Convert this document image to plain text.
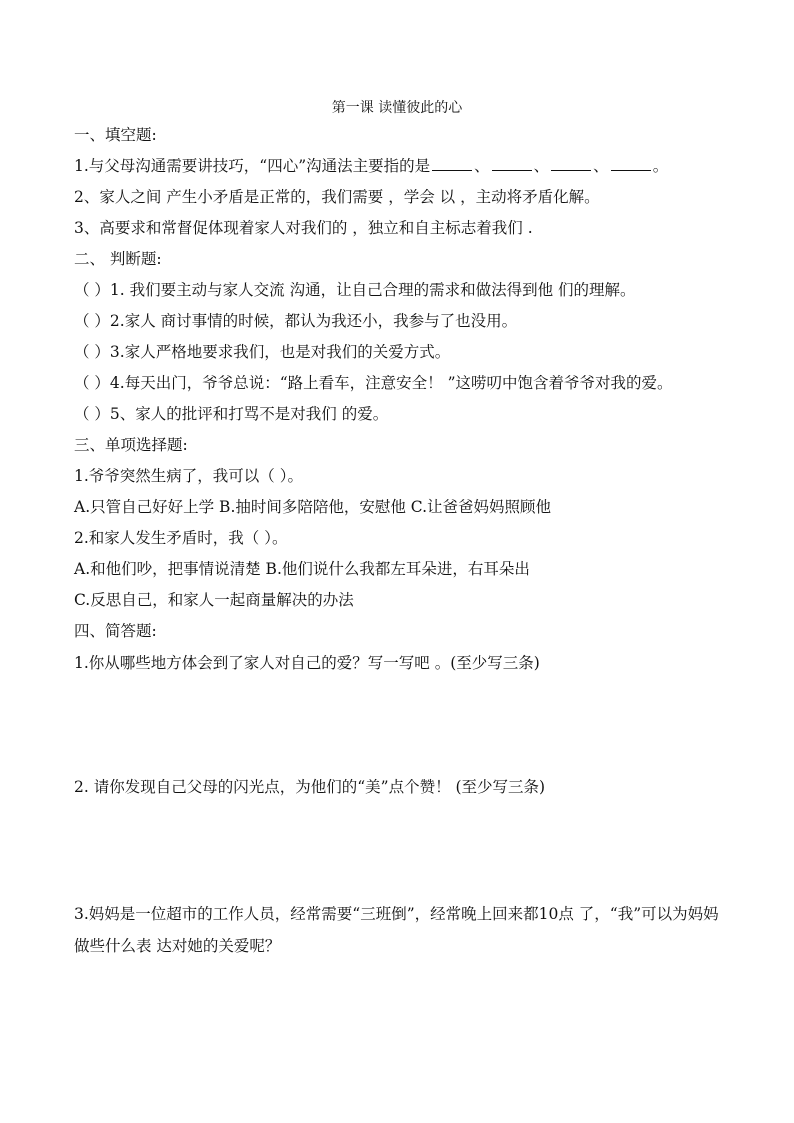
第一课 读懂彼此的心
一、填空题:
1.与父母沟通需要讲技巧，“四心”沟通法主要指的是	、	、	、	。
2、家人之间 产生小矛盾是正常的，我们需要 ，学会 以 ，主动将矛盾化解。
3、高要求和常督促体现着家人对我们的 ，独立和自主标志着我们 .
二、 判断题:
（ ）1. 我们要主动与家人交流 沟通，让自己合理的需求和做法得到他 们的理解。
（ ）2.家人 商讨事情的时候，都认为我还小，我参与了也没用。
（ ）3.家人严格地要求我们，也是对我们的关爱方式。
（ ）4.每天出门，爷爷总说：“路上看车，注意安全！ ”这唠叨中饱含着爷爷对我的爱。
（ ）5、家人的批评和打骂不是对我们 的爱。
三、单项选择题:
1.爷爷突然生病了，我可以（ ）。
A.只管自己好好上学 B.抽时间多陪陪他，安慰他 C.让爸爸妈妈照顾他
2.和家人发生矛盾时，我（ ）。
A.和他们吵，把事情说清楚 B.他们说什么我都左耳朵进，右耳朵出
C.反思自己，和家人一起商量解决的办法
四、简答题:
1.你从哪些地方体会到了家人对自己的爱？写一写吧 。(至少写三条)
2. 请你发现自己父母的闪光点，为他们的“美”点个赞！ (至少写三条)
3.妈妈是一位超市的工作人员，经常需要“三班倒”，经常晚上回来都10点 了，“我”可以为妈妈做些什么表 达对她的关爱呢？
